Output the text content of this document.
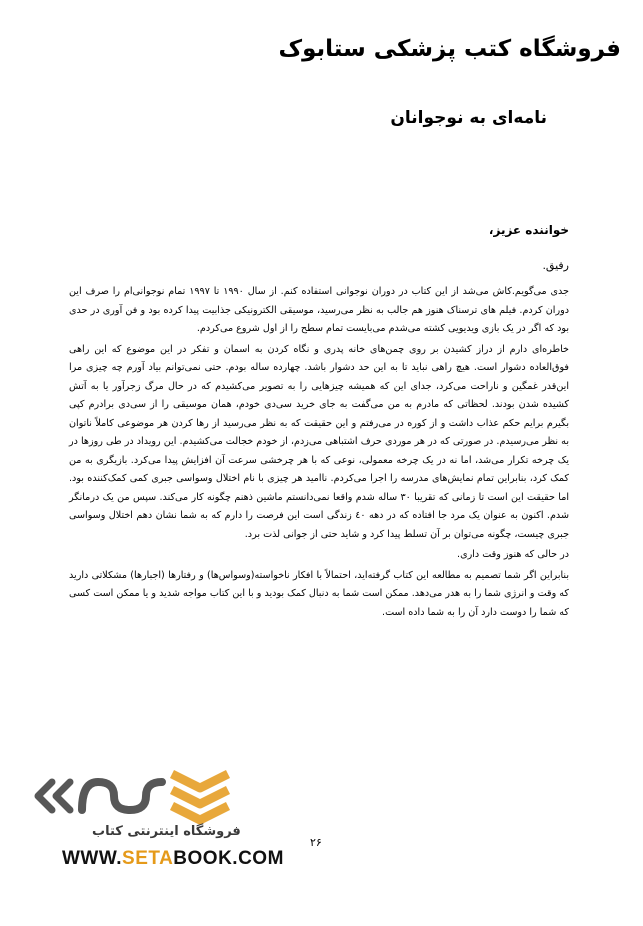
فروشگاه کتب پزشکی ستابوک
نامه‌ای به نوجوانان
خواننده عزیز،
رفیق.

جدی می‌گویم.کاش می‌شد از این کتاب در دوران نوجوانی استفاده کنم. از سال ۱۹۹۰ تا ۱۹۹۷ تمام نوجوانی‌ام را صرف این دوران کردم. فیلم های ترسناک هنوز هم جالب به نظر می‌رسید، موسیقی الکترونیکی جذابیت پیدا کرده بود و فن آوری در حدی بود که اگر در یک بازی ویدیویی کشته می‌شدم می‌بایست تمام سطح را از اول شروع می‌کردم.

خاطره‌ای دارم از دراز کشیدن بر روی چمن‌های خانه پدری و نگاه کردن به اسمان و تفکر در این موضوع که این راهی فوق‌العاده دشوار است. هیچ راهی نباید تا به این حد دشوار باشد. چهارده ساله بودم. حتی نمی‌توانم بیاد آورم چه چیزی مرا این‌قدر غمگین و ناراحت می‌کرد، جدای این که همیشه چیزهایی را به تصویر می‌کشیدم که در حال مرگ زجرآور یا به آتش کشیده شدن بودند. لحظاتی که مادرم به من می‌گفت به جای خرید سی‌دی خودم، همان موسیقی را از سی‌دی برادرم کپی بگیرم برایم حکم عذاب داشت و از کوره در می‌رفتم و این حقیقت که به نظر می‌رسید از رها کردن هر موضوعی کاملاً ناتوان به نظر می‌رسیدم. در صورتی که در هر موردی حرف اشتباهی می‌زدم، از خودم خجالت می‌کشیدم. این رویداد در طی روزها در یک چرخه تکرار می‌شد، اما نه در یک چرخه معمولی، نوعی که با هر چرخشی سرعت آن افزایش پیدا می‌کرد. بازیگری به من کمک کرد، بنابراین تمام نمایش‌های مدرسه را اجرا می‌کردم. ناامید هر چیزی با نام اختلال وسواسی جبری کمی کمک‌کننده بود. اما حقیقت این است تا زمانی که تقریبا ۳۰ ساله شدم واقعا نمی‌دانستم ماشین ذهنم چگونه کار می‌کند. سپس من یک درمانگر شدم. اکنون به عنوان یک مرد جا افتاده که در دهه ٤٠ زندگی است این فرصت را دارم که به شما نشان دهم اختلال وسواسی جبری چیست، چگونه می‌توان بر آن تسلط پیدا کرد و شاید حتی از جوانی لذت برد.

در حالی که هنوز وقت داری.

بنابراین اگر شما تصمیم به مطالعه این کتاب گرفته‌اید، احتمالاً با افکار ناخواسته(وسواس‌ها) و رفتارها (اجبارها) مشکلاتی دارید که وقت و انرژی شما را به هدر می‌دهد. ممکن است شما به دنبال کمک بودید و با این کتاب مواجه شدید و یا ممکن است کسی که شما را دوست دارد آن را به شما داده است.

۲۶
فروشگاه اینترنتی کتاب
WWW.SETABOOK.COM
